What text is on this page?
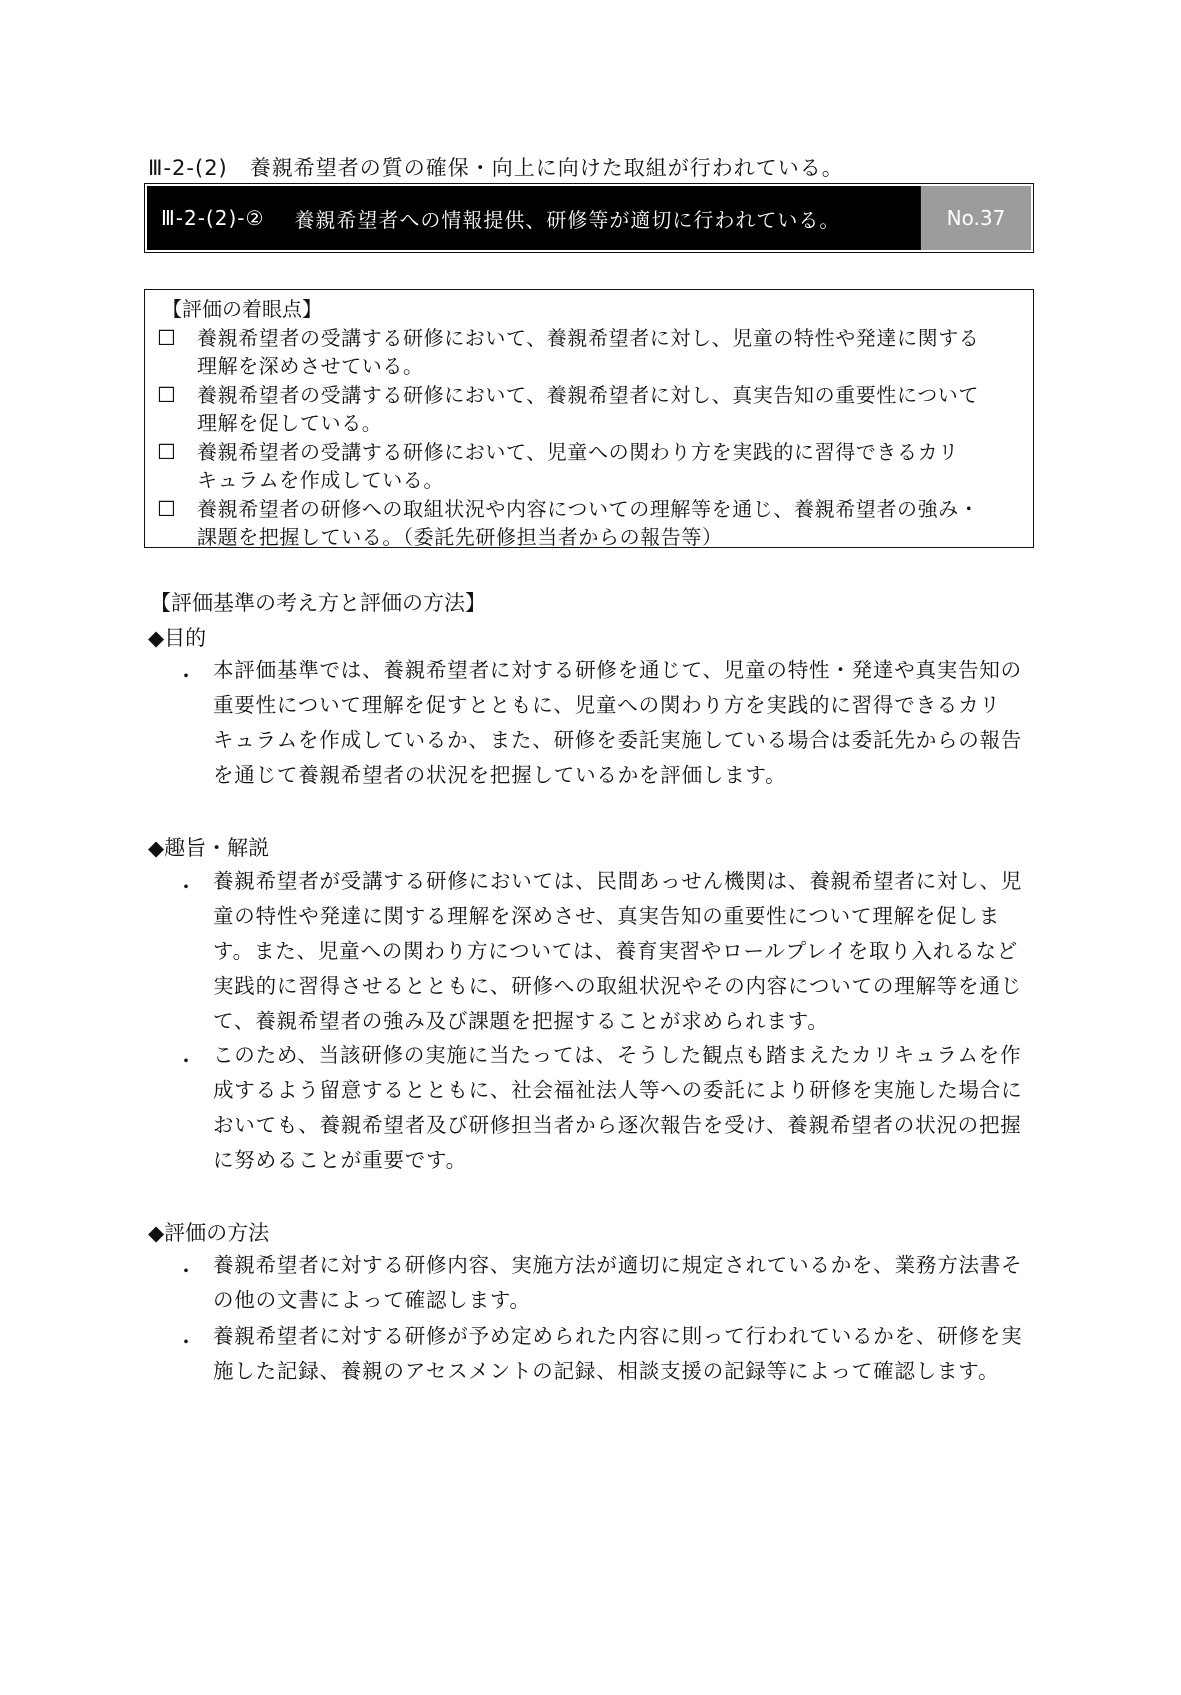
Ⅲ-2-(2)　養親希望者の質の確保・向上に向けた取組が行われている。
Ⅲ-2-(2)-② 養親希望者への情報提供、研修等が適切に行われている。	No.37
【評価の着眼点】
☐	養親希望者の受講する研修において、養親希望者に対し、児童の特性や発達に関する
理解を深めさせている。
☐	養親希望者の受講する研修において、養親希望者に対し、真実告知の重要性について
理解を促している。
☐	養親希望者の受講する研修において、児童への関わり方を実践的に習得できるカリ
キュラムを作成している。
☐	養親希望者の研修への取組状況や内容についての理解等を通じ、養親希望者の強み・
課題を把握している。（委託先研修担当者からの報告等）
【評価基準の考え方と評価の方法】
◆目的
・ 本評価基準では、養親希望者に対する研修を通じて、児童の特性・発達や真実告知の
重要性について理解を促すとともに、児童への関わり方を実践的に習得できるカリ
キュラムを作成しているか、また、研修を委託実施している場合は委託先からの報告
を通じて養親希望者の状況を把握しているかを評価します。
◆趣旨・解説
・ 養親希望者が受講する研修においては、民間あっせん機関は、養親希望者に対し、児
童の特性や発達に関する理解を深めさせ、真実告知の重要性について理解を促しま
す。また、児童への関わり方については、養育実習やロールプレイを取り入れるなど
実践的に習得させるとともに、研修への取組状況やその内容についての理解等を通じ
て、養親希望者の強み及び課題を把握することが求められます。
・ このため、当該研修の実施に当たっては、そうした観点も踏まえたカリキュラムを作
成するよう留意するとともに、社会福祉法人等への委託により研修を実施した場合に
おいても、養親希望者及び研修担当者から逐次報告を受け、養親希望者の状況の把握
に努めることが重要です。
◆評価の方法
・ 養親希望者に対する研修内容、実施方法が適切に規定されているかを、業務方法書そ
の他の文書によって確認します。
・ 養親希望者に対する研修が予め定められた内容に則って行われているかを、研修を実
施した記録、養親のアセスメントの記録、相談支援の記録等によって確認します。
